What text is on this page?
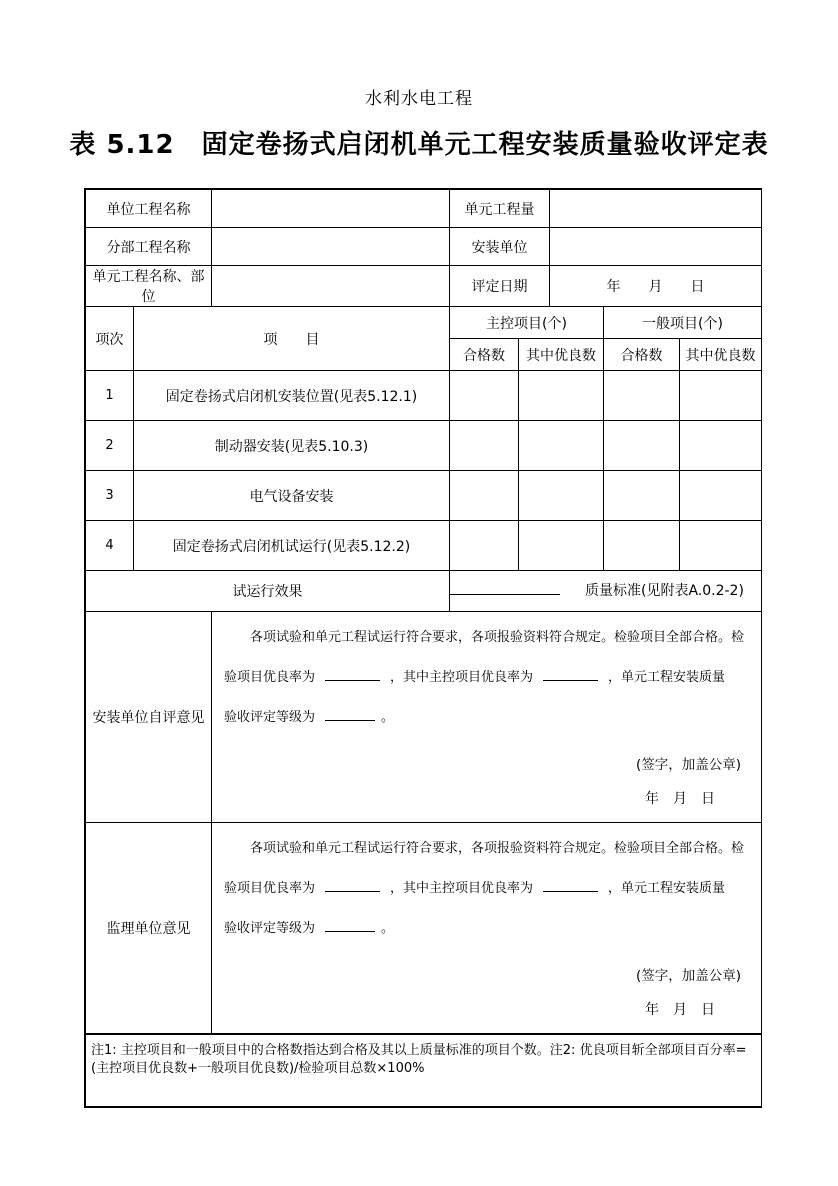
水利水电工程
表 5.12　固定卷扬式启闭机单元工程安装质量验收评定表
单位工程名称		单元工程量	
分部工程名称		安装单位	
单元工程名称、部位		评定日期	年　　月　　日
项次	项　　目	主控项目(个)		一般项目(个)	
		合格数	其中优良数	合格数	其中优良数
1	固定卷扬式启闭机安装位置(见表5.12.1)				
2	制动器安装(见表5.10.3)				
3	电气设备安装				
4	固定卷扬式启闭机试运行(见表5.12.2)				
试运行效果	质量标准(见附表A.0.2-2)
安装单位自评意见	
各项试验和单元工程试运行符合要求，各项报验资料符合规定。检验项目全部合格。检
验项目优良率为	，其中主控项目优良率为	，单元工程安装质量
验收评定等级为	。
(签字，加盖公章)
年　月　日
监理单位意见	
各项试验和单元工程试运行符合要求，各项报验资料符合规定。检验项目全部合格。检
验项目优良率为	，其中主控项目优良率为	，单元工程安装质量
验收评定等级为	。
(签字，加盖公章)
年　月　日
注1: 主控项目和一般项目中的合格数指达到合格及其以上质量标准的项目个数。注2: 优良项目斩全部项目百分率=(主控项目优良数+一般项目优良数)/检验项目总数×100%
